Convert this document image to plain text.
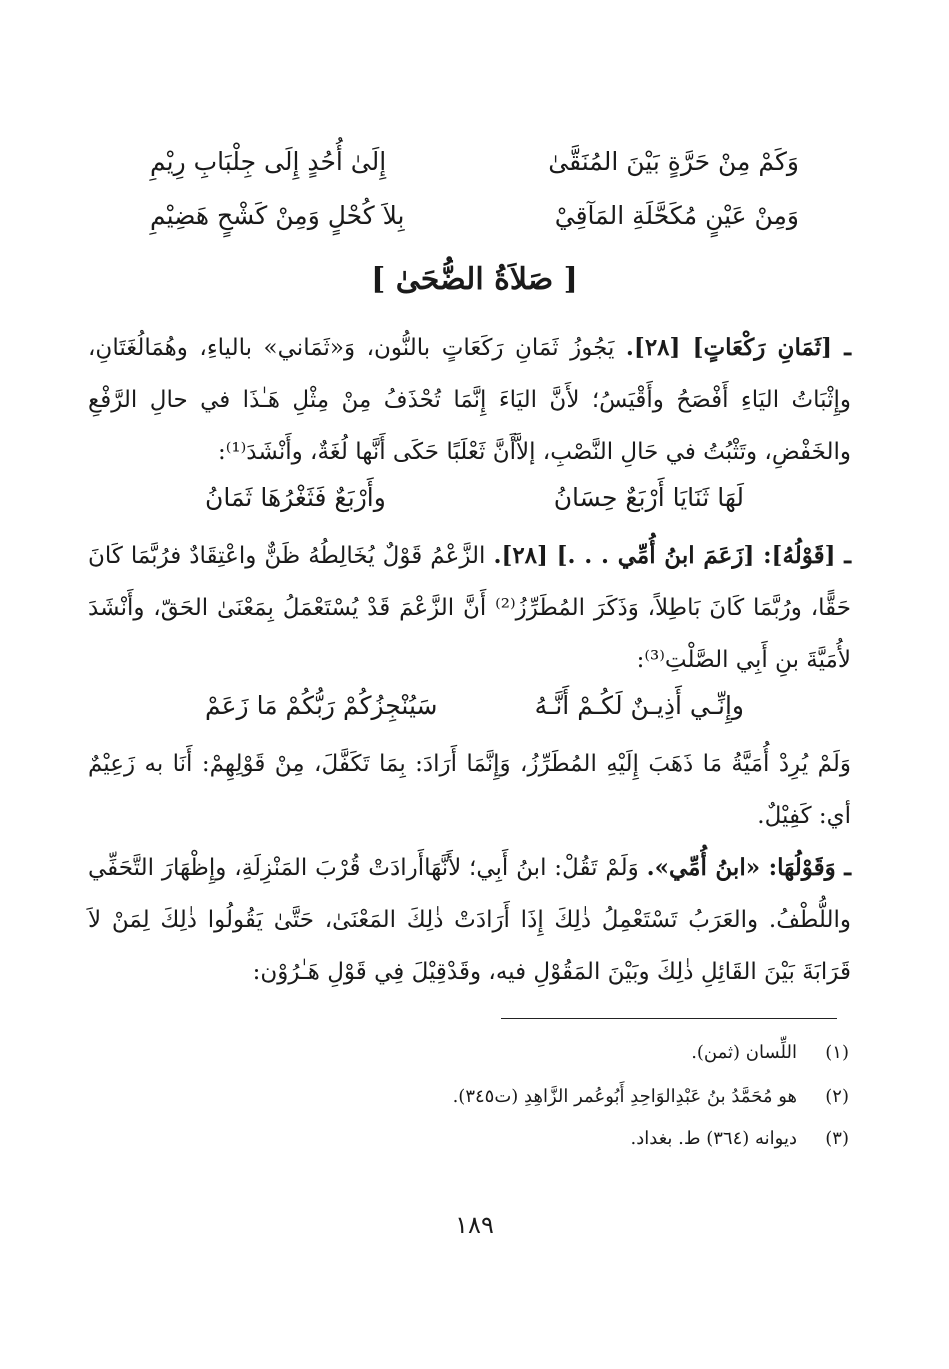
وَكَمْ مِنْ حَرَّةٍ بَيْنَ المُنَقَّىٰ
إِلَىٰ أُحُدٍ إِلَى جِلْبَابِ رِيْمِ
وَمِنْ عَيْنٍ مُكَحَّلَةِ المَآقِيْ
بِلاَ كُحْلٍ وَمِنْ كَشْحٍ هَضِيْمِ
[ صَلاَةُ الضُّحَىٰ ]
ـ [ثَمَانِ رَكْعَاتٍ] [٢٨]. يَجُوزُ ثَمَانِ رَكَعَاتٍ بالنُّون، وَ«ثَمَاني» بالياءِ، وهُمَالُغَتَانِ، وإِثْبَاتُ اليَاءِ أَفْصَحُ وأَقْيَسُ؛ لأَنَّ اليَاءَ إِنَّمَا تُحْذَفُ مِنْ مِثْلِ هَـٰذَا في حالِ الرَّفْعِ والخَفْضِ، وتَثْبُتُ في حَالِ النَّصْبِ، إلاَّأَنَّ ثَعْلَبًا حَكَى أَنَّها لُغَةٌ، وأَنْشَدَ⁽¹⁾:
لَهَا ثَنَايَا أَرْبَعٌ حِسَانُ
وأَرْبَعٌ فَثَغْرُهَا ثَمَانُ
ـ [قَوْلُهُ]: [زَعَمَ ابنُ أُمِّي . . .] [٢٨]. الزَّعْمُ قَوْلٌ يُخَالِطُهُ ظَنٌّ واعْتِقَادٌ فرُبَّمَا كَانَ حَقًّا، ورُبَّمَا كَانَ بَاطِلاً، وَذَكَرَ المُطَرِّزُ⁽²⁾ أَنَّ الزَّعْمَ قَدْ يُسْتَعْمَلُ بِمَعْنَىٰ الحَقّ، وأَنْشَدَ لأُمَيَّةَ بنِ أَبِي الصَّلْتِ⁽³⁾:
وإِنِّـي أَذِيـنٌ لَكُـمْ أَنَّـهُ
سَيُنْجِزُكُمْ رَبُّكُمْ مَا زَعَمْ
وَلَمْ يُرِدْ أُمَيَّةُ مَا ذَهَبَ إِلَيْهِ المُطَرِّزُ، وَإِنَّمَا أَرَادَ: بِمَا تَكَفَّلَ، مِنْ قَوْلِهِمْ: أَنَا به زَعِيْمٌ أي: كَفِيْلٌ.
ـ وَقَوْلُهَا: «ابنُ أُمِّي». وَلَمْ تَقُلْ: ابنُ أَبِي؛ لأَنَّهَاأَرادَتْ قُرْبَ المَنْزِلَةِ، وإِظْهَارَ التَّحَفِّي واللُّطْفُ. والعَرَبُ تَسْتَعْمِلُ ذٰلِكَ إِذَا أَرَادَتْ ذٰلِكَ المَعْنَىٰ، حَتَّىٰ يَقُولُوا ذٰلِكَ لِمَنْ لاَ قَرَابَةَ بَيْنَ القَائِلِ ذٰلِكَ وبَيْنَ المَقُوْلِ فيه، وقَدْقِيْلَ فِي قَوْلِ هَـٰرُوْن:
(١)اللِّسان (ثمن).
(٢)هو مُحَمَّدُ بنُ عَبْدِالوَاحِدِ أَبُوعُمر الزَّاهِدِ (ت٣٤٥).
(٣)ديوانه (٣٦٤) ط. بغداد.
١٨٩
